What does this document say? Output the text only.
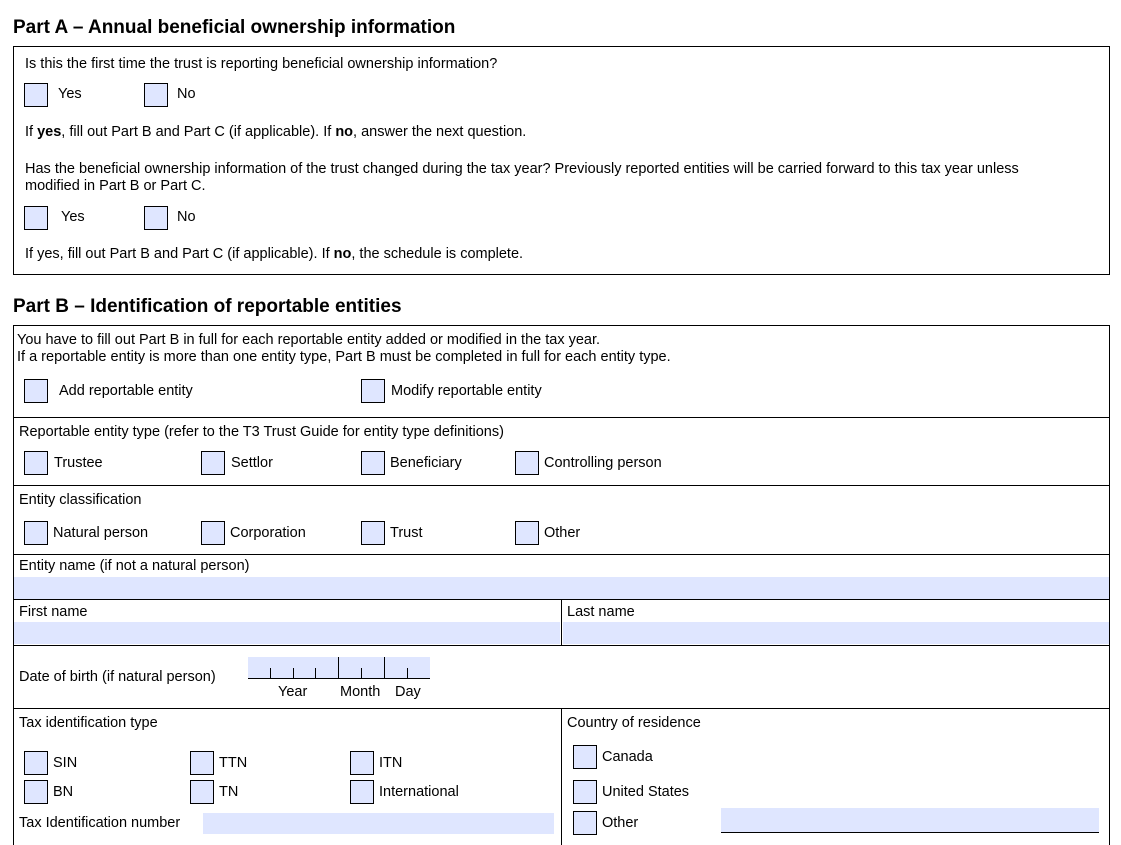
Part A – Annual beneficial ownership information
Is this the first time the trust is reporting beneficial ownership information?
Yes	No
If yes, fill out Part B and Part C (if applicable). If no, answer the next question.
Has the beneficial ownership information of the trust changed during the tax year? Previously reported entities will be carried forward to this tax year unless
modified in Part B or Part C.
Yes	No
If yes, fill out Part B and Part C (if applicable). If no, the schedule is complete.
Part B – Identification of reportable entities
You have to fill out Part B in full for each reportable entity added or modified in the tax year.
If a reportable entity is more than one entity type, Part B must be completed in full for each entity type.
Add reportable entity	Modify reportable entity
Reportable entity type (refer to the T3 Trust Guide for entity type definitions)
Trustee	Settlor	Beneficiary	Controlling person
Entity classification
Natural person	Corporation	Trust	Other
Entity name (if not a natural person)
First name	Last name
Date of birth (if natural person)
Year Month Day
Tax identification type
SIN	TTN	ITN
BN	TN	International
Tax Identification number
Country of residence
Canada
United States
Other
